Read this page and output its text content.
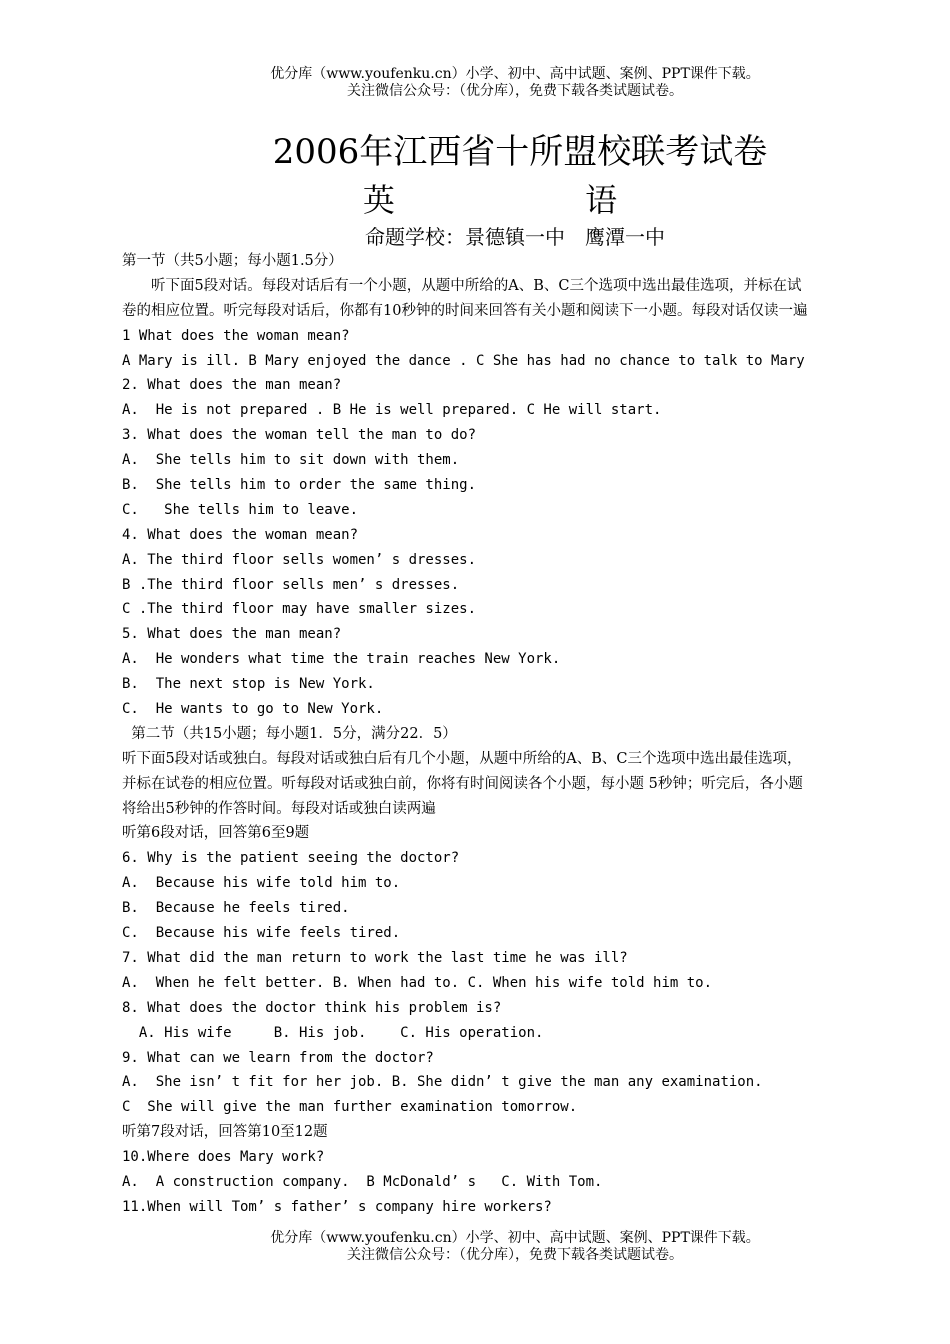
优分库（www.youfenku.cn）小学、初中、高中试题、案例、PPT课件下载。
关注微信公众号：（优分库），免费下载各类试题试卷。
2006年江西省十所盟校联考试卷
英 语
命题学校：景德镇一中　鹰潭一中
第一节（共5小题；每小题1.5分）
　　听下面5段对话。每段对话后有一个小题，从题中所给的A、B、C三个选项中选出最佳选项，并标在试
卷的相应位置。听完每段对话后，你都有10秒钟的时间来回答有关小题和阅读下一小题。每段对话仅读一遍
1 What does the woman mean?
A Mary is ill. B Mary enjoyed the dance . C She has had no chance to talk to Mary
2. What does the man mean?
A.  He is not prepared . B He is well prepared. C He will start.
3. What does the woman tell the man to do?
A.  She tells him to sit down with them.
B.  She tells him to order the same thing.
C.   She tells him to leave.
4. What does the woman mean?
A. The third floor sells women’ s dresses.
B .The third floor sells men’ s dresses.
C .The third floor may have smaller sizes.
5. What does the man mean?
A.  He wonders what time the train reaches New York.
B.  The next stop is New York.
C.  He wants to go to New York.
第二节（共15小题；每小题1．5分，满分22．5）
听下面5段对话或独白。每段对话或独白后有几个小题，从题中所给的A、B、C三个选项中选出最佳选项，
并标在试卷的相应位置。听每段对话或独白前，你将有时间阅读各个小题，每小题 5秒钟；听完后，各小题
将给出5秒钟的作答时间。每段对话或独白读两遍
听第6段对话，回答第6至9题
6. Why is the patient seeing the doctor?
A.  Because his wife told him to.
B.  Because he feels tired.
C.  Because his wife feels tired.
7. What did the man return to work the last time he was ill?
A.  When he felt better. B. When had to. C. When his wife told him to.
8. What does the doctor think his problem is?
A. His wife     B. His job.    C. His operation.
9. What can we learn from the doctor?
A.  She isn’ t fit for her job. B. She didn’ t give the man any examination.
C  She will give the man further examination tomorrow.
听第7段对话，回答第10至12题
10.Where does Mary work?
A.  A construction company.  B McDonald’ s   C. With Tom.
11.When will Tom’ s father’ s company hire workers?
优分库（www.youfenku.cn）小学、初中、高中试题、案例、PPT课件下载。
关注微信公众号：（优分库），免费下载各类试题试卷。
